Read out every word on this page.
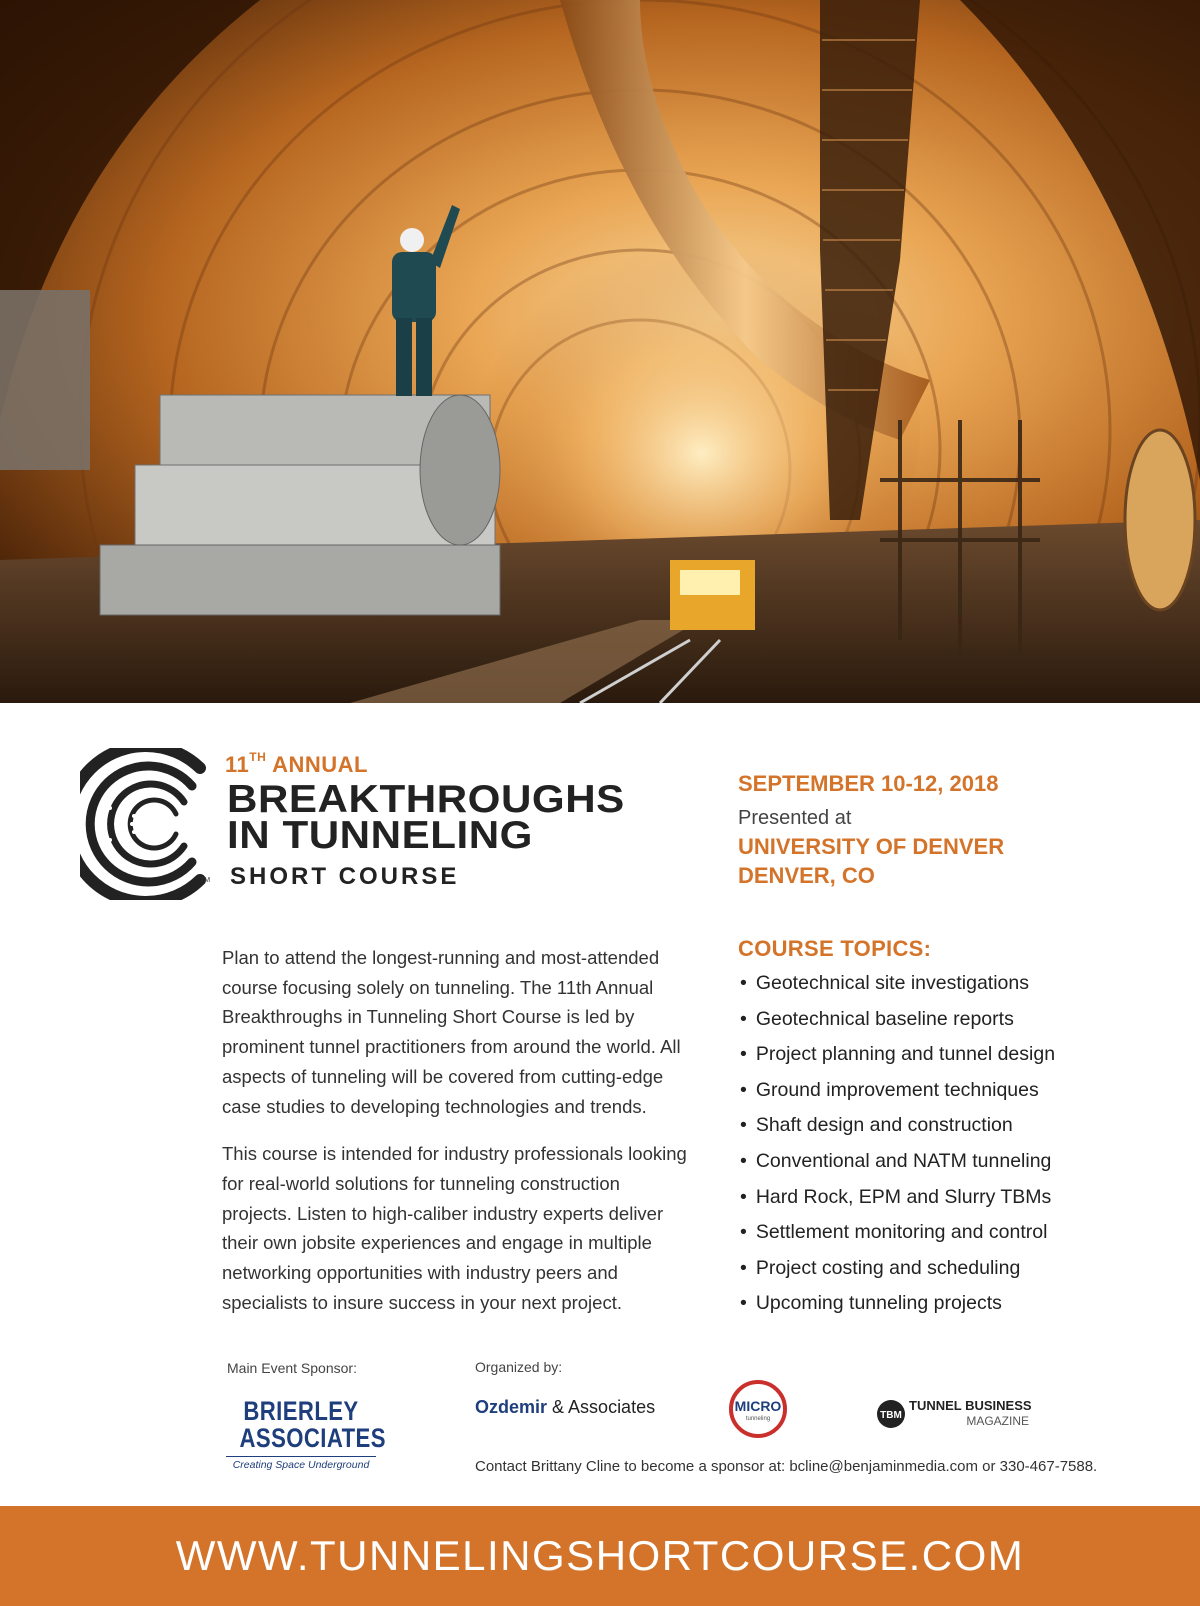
TM

11TH ANNUAL

BREAKTHROUGHS
IN TUNNELING

SHORT COURSE

SEPTEMBER 10-12, 2018

Presented at

UNIVERSITY OF DENVER
DENVER, CO

Plan to attend the longest-running and most-attended course focusing solely on tunneling. The 11th Annual Breakthroughs in Tunneling Short Course is led by prominent tunnel practitioners from around the world. All aspects of tunneling will be covered from cutting-edge case studies to developing technologies and trends.

This course is intended for industry professionals looking for real-world solutions for tunneling construction projects. Listen to high-caliber industry experts deliver their own jobsite experiences and engage in multiple networking opportunities with industry peers and specialists to insure success in your next project.

COURSE TOPICS:
• Geotechnical site investigations
• Geotechnical baseline reports
• Project planning and tunnel design
• Ground improvement techniques
• Shaft design and construction
• Conventional and NATM tunneling
• Hard Rock, EPM and Slurry TBMs
• Settlement monitoring and control
• Project costing and scheduling
• Upcoming tunneling projects

Main Event Sponsor:

BRIERLEY
ASSOCIATES
Creating Space Underground

Organized by:

Ozdemir & Associates	MICRO
tunneling	TBM
TUNNEL BUSINESS
MAGAZINE

Contact Brittany Cline to become a sponsor at: bcline@benjaminmedia.com or 330-467-7588.

WWW.TUNNELINGSHORTCOURSE.COM
